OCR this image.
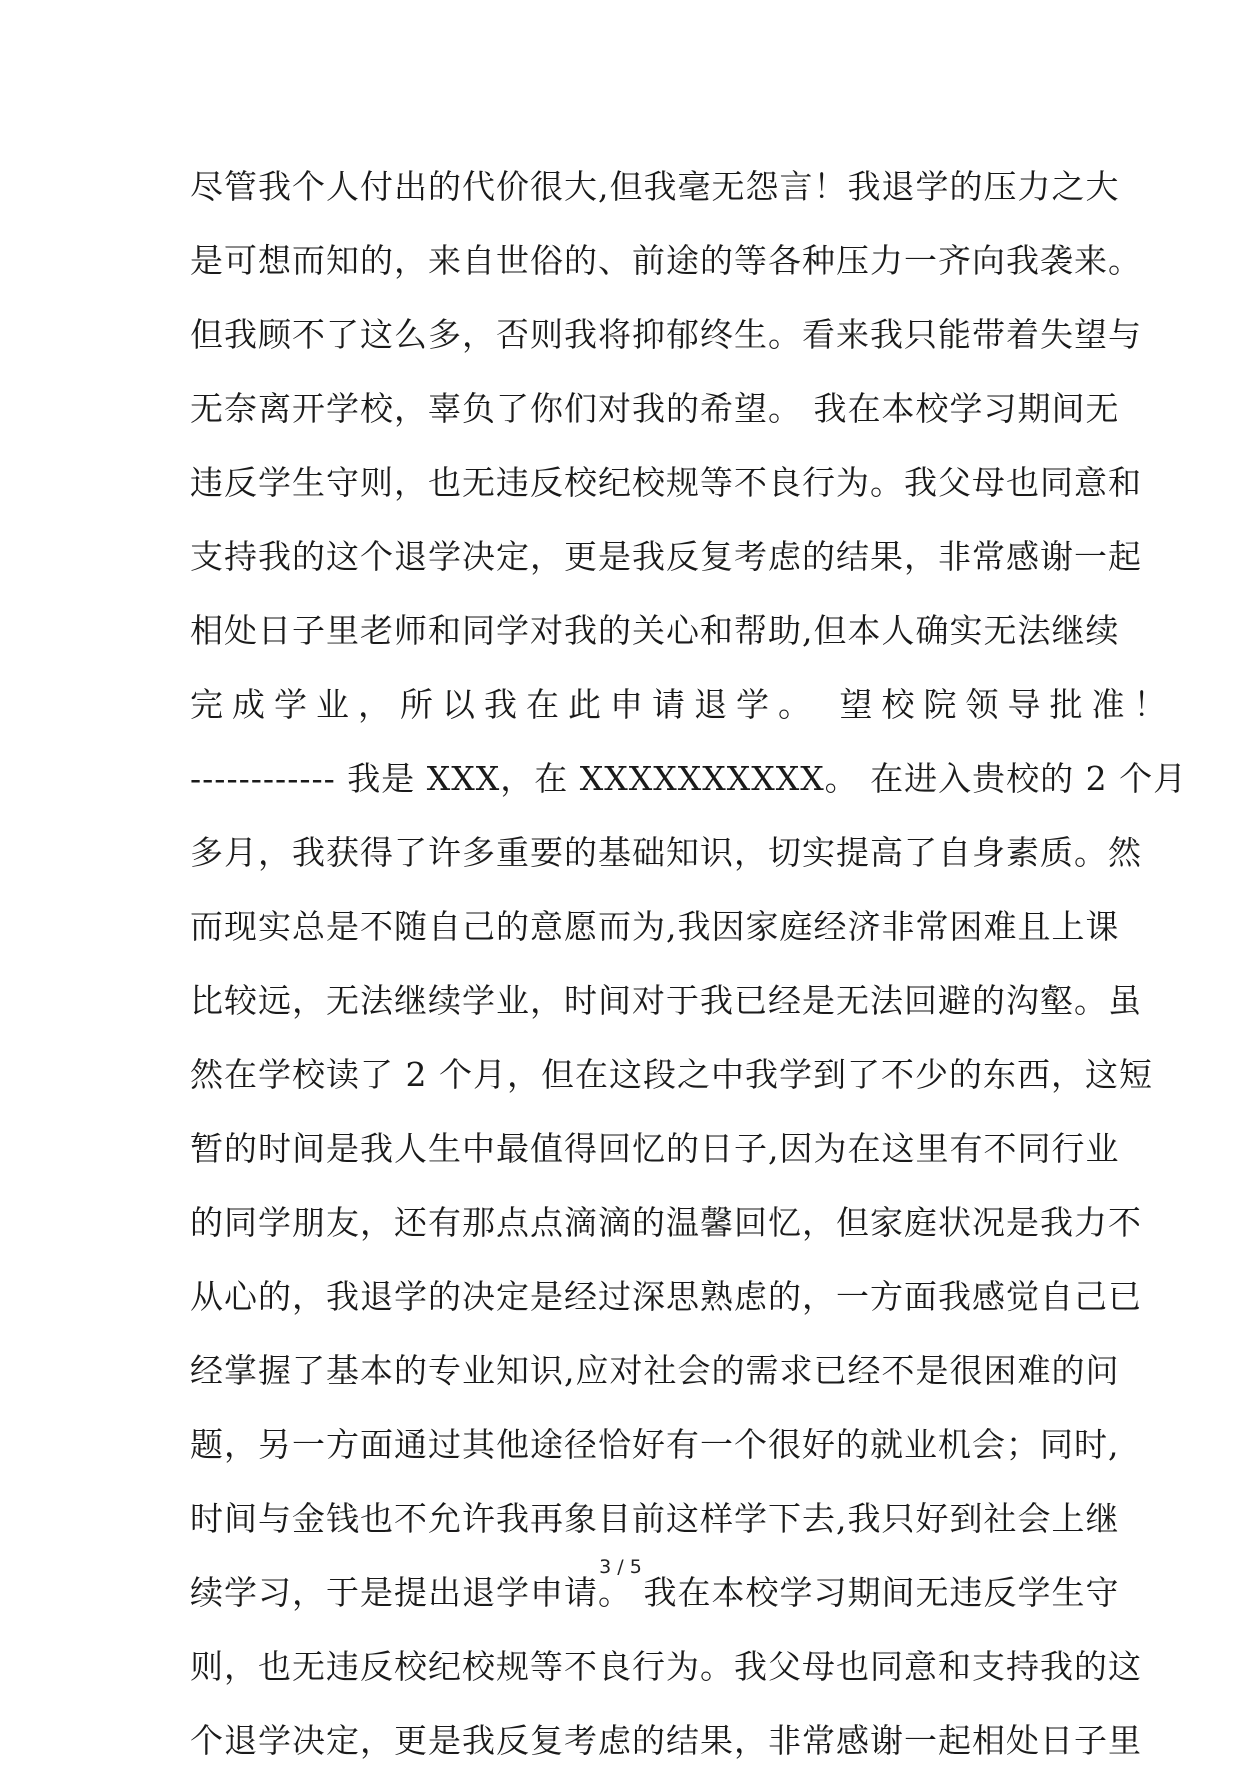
尽管我个人付出的代价很大,但我毫无怨言！我退学的压力之大
是可想而知的，来自世俗的、前途的等各种压力一齐向我袭来。
但我顾不了这么多，否则我将抑郁终生。看来我只能带着失望与
无奈离开学校，辜负了你们对我的希望。 我在本校学习期间无
违反学生守则，也无违反校纪校规等不良行为。我父母也同意和
支持我的这个退学决定，更是我反复考虑的结果，非常感谢一起
相处日子里老师和同学对我的关心和帮助,但本人确实无法继续
完成学业，所以我在此申请退学。 望校院领导批准！
------------ 我是 XXX，在 XXXXXXXXXX。 在进入贵校的 2 个月
多月，我获得了许多重要的基础知识，切实提高了自身素质。然
而现实总是不随自己的意愿而为,我因家庭经济非常困难且上课
比较远，无法继续学业，时间对于我已经是无法回避的沟壑。虽
然在学校读了 2 个月，但在这段之中我学到了不少的东西，这短
暂的时间是我人生中最值得回忆的日子,因为在这里有不同行业
的同学朋友，还有那点点滴滴的温馨回忆，但家庭状况是我力不
从心的，我退学的决定是经过深思熟虑的，一方面我感觉自己已
经掌握了基本的专业知识,应对社会的需求已经不是很困难的问
题，另一方面通过其他途径恰好有一个很好的就业机会；同时,
时间与金钱也不允许我再象目前这样学下去,我只好到社会上继
续学习，于是提出退学申请。 我在本校学习期间无违反学生守
则，也无违反校纪校规等不良行为。我父母也同意和支持我的这
个退学决定，更是我反复考虑的结果，非常感谢一起相处日子里
3 / 5
